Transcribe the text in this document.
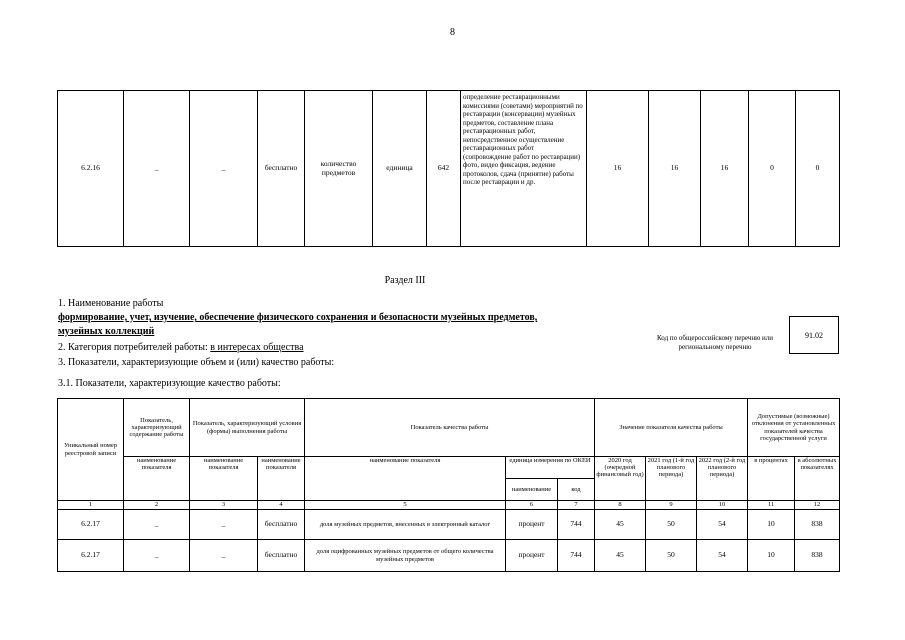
8
6.2.16	_	_	бесплатно	количество предметов	единица	642	определение реставрационными комиссиями (советами) мероприятий по реставрации (консервации) музейных предметов, составление плана реставрационных работ, непосредственное осуществление реставрационных работ (сопровождение работ по реставрации) фото, видео фиксация, ведение протоколов, сдача (принятие) работы после реставрации и др.	16	16	16	0	0
Раздел III
1. Наименование работы
формирование, учет, изучение, обеспечение физического сохранения и безопасности музейных предметов,
музейных коллекций
2. Категория потребителей работы: в интересах общества
3. Показатели, характеризующие объем и (или) качество работы:
3.1. Показатели, характеризующие качество работы:
Код по общероссийскому перечню или региональному перечню
91.02
Уникальный номер реестровой записи	Показатель, характеризующий содержание работы	Показатель, характеризующий условия (формы) выполнения работы		Показатель качества работы			Значение показателя качества работы			Допустимые (возможные) отклонения от установленных показателей качества государственной услуги	
	наименование показателя	наименование показателя	наименование показателя	наименование показателя	единица измерения по ОКЕИ		2020 год (очередной финансовый год)	2021 год (1-й год планового периода)	2022 год (2-й год планового периода)	в процентах	в абсолютных показателях
					наименование	код					
1	2	3	4	5	6	7	8	9	10	11	12
6.2.17	_	_	бесплатно	доля музейных предметов, внесенных в электронный каталог	процент	744	45	50	54	10	838
6.2.17	_	_	бесплатно	доля оцифрованных музейных предметов от общего количества музейных предметов	процент	744	45	50	54	10	838
